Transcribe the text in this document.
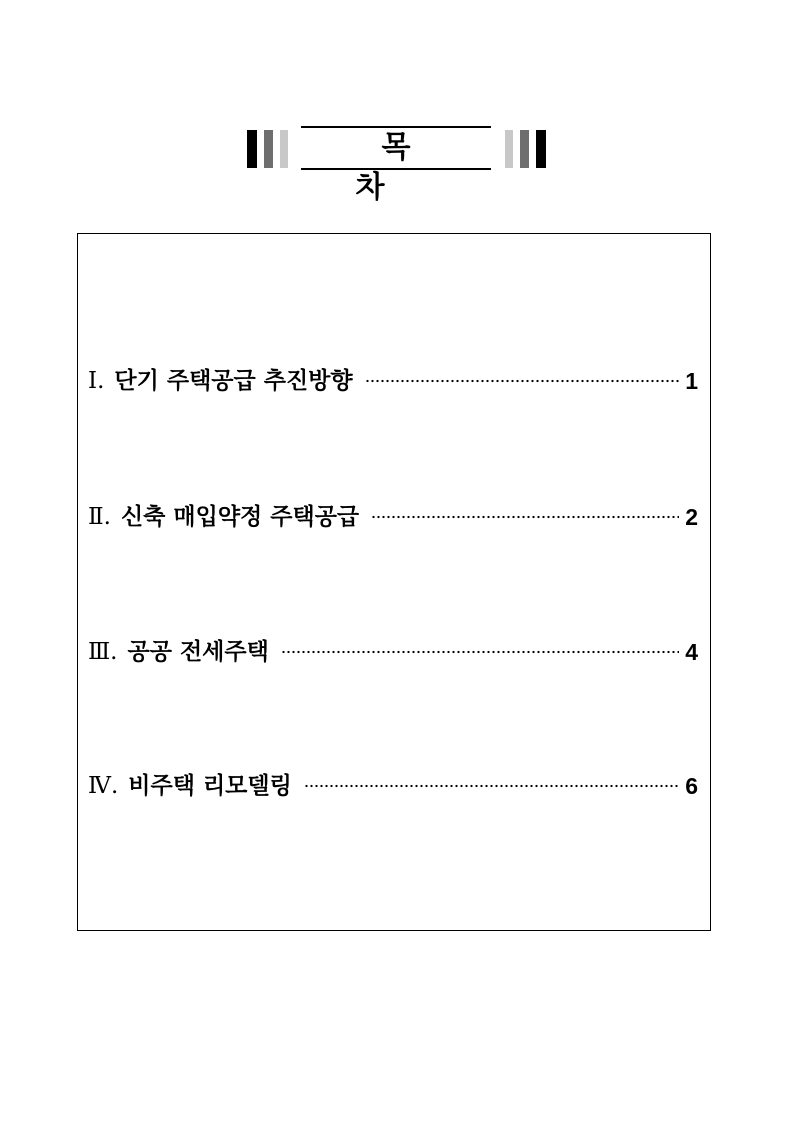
목 차
Ⅰ. 단기 주택공급 추진방향	1
Ⅱ. 신축 매입약정 주택공급	2
Ⅲ. 공공 전세주택	4
Ⅳ. 비주택 리모델링	6
